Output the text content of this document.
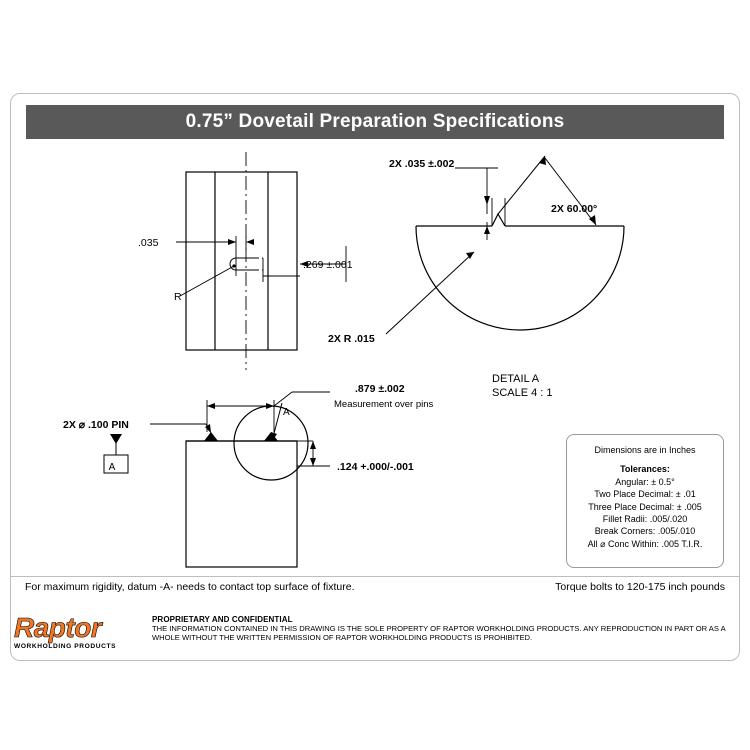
0.75” Dovetail Preparation Specifications
.035
R
.269 ±.001
2X .035 ±.002
2X 60.00°
2X R .015
DETAIL A
SCALE 4 : 1
.879 ±.002
Measurement over pins
2X ⌀ .100 PIN
A
A
.124 +.000/-.001
Dimensions are in Inches
Tolerances:
Angular: ± 0.5°
Two Place Decimal: ± .01
Three Place Decimal: ± .005
Fillet Radii: .005/.020
Break Corners: .005/.010
All ⌀ Conc Within: .005 T.I.R.
For maximum rigidity, datum -A- needs to contact top surface of fixture.	Torque bolts to 120-175 inch pounds
Raptor
WORKHOLDING PRODUCTS
PROPRIETARY AND CONFIDENTIAL
THE INFORMATION CONTAINED IN THIS DRAWING IS THE SOLE PROPERTY OF RAPTOR WORKHOLDING PRODUCTS. ANY REPRODUCTION IN PART OR AS A WHOLE WITHOUT THE WRITTEN PERMISSION OF RAPTOR WORKHOLDING PRODUCTS IS PROHIBITED.
